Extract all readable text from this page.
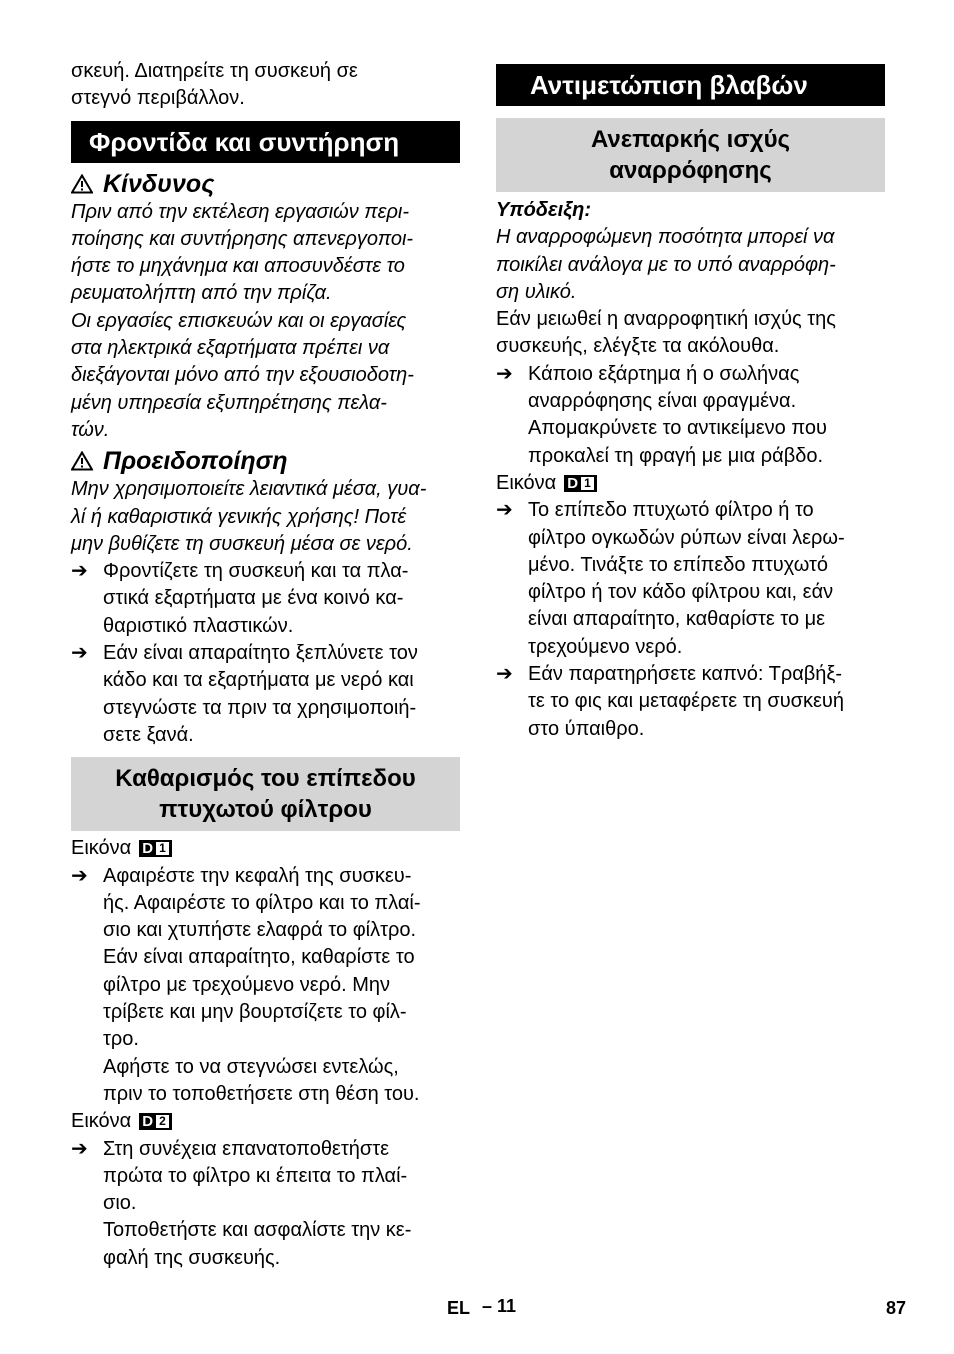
σκευή. Διατηρείτε τη συσκευή σε

στεγνό περιβάλλον.

Φροντίδα και συντήρηση
Κίνδυνος

Πριν από την εκτέλεση εργασιών περι-

ποίησης και συντήρησης απενεργοποι-

ήστε το μηχάνημα και αποσυνδέστε το

ρευματολήπτη από την πρίζα.

Οι εργασίες επισκευών και οι εργασίες

στα ηλεκτρικά εξαρτήματα πρέπει να

διεξάγονται μόνο από την εξουσιοδοτη-

μένη υπηρεσία εξυπηρέτησης πελα-

τών.

Προειδοποίηση

Μην χρησιμοποιείτε λειαντικά μέσα, γυα-

λί ή καθαριστικά γενικής χρήσης! Ποτέ

μην βυθίζετε τη συσκευή μέσα σε νερό.

➔ Φροντίζετε τη συσκευή και τα πλα-

στικά εξαρτήματα με ένα κοινό κα-

θαριστικό πλαστικών.

➔ Εάν είναι απαραίτητο ξεπλύνετε τον

κάδο και τα εξαρτήματα με νερό και

στεγνώστε τα πριν τα χρησιμοποιή-

σετε ξανά.

Καθαρισμός του επίπεδου
πτυχωτού φίλτρου
Εικόνα D 1
➔ Αφαιρέστε την κεφαλή της συσκευ-

ής. Αφαιρέστε το φίλτρο και το πλαί-

σιο και χτυπήστε ελαφρά το φίλτρο.

Εάν είναι απαραίτητο, καθαρίστε το

φίλτρο με τρεχούμενο νερό. Μην

τρίβετε και μην βουρτσίζετε το φίλ-

τρο.

Αφήστε το να στεγνώσει εντελώς,

πριν το τοποθετήσετε στη θέση του.

Εικόνα D 2
➔ Στη συνέχεια επανατοποθετήστε

πρώτα το φίλτρο κι έπειτα το πλαί-

σιο.

Τοποθετήστε και ασφαλίστε την κε-

φαλή της συσκευής.

Αντιμετώπιση βλαβών
Ανεπαρκής ισχύς
αναρρόφησης

Υπόδειξη:

Η αναρροφώμενη ποσότητα μπορεί να

ποικίλει ανάλογα με το υπό αναρρόφη-

ση υλικό.

Εάν μειωθεί η αναρροφητική ισχύς της

συσκευής, ελέγξτε τα ακόλουθα.

➔ Κάποιο εξάρτημα ή ο σωλήνας

αναρρόφησης είναι φραγμένα.

Απομακρύνετε το αντικείμενο που

προκαλεί τη φραγή με μια ράβδο.

Εικόνα D 1
➔ Το επίπεδο πτυχωτό φίλτρο ή το

φίλτρο ογκωδών ρύπων είναι λερω-

μένο. Τινάξτε το επίπεδο πτυχωτό

φίλτρο ή τον κάδο φίλτρου και, εάν

είναι απαραίτητο, καθαρίστε το με

τρεχούμενο νερό.

➔ Εάν παρατηρήσετε καπνό: Τραβήξ-

τε το φις και μεταφέρετε τη συσκευή

στο ύπαιθρο.

EL – 11	87
